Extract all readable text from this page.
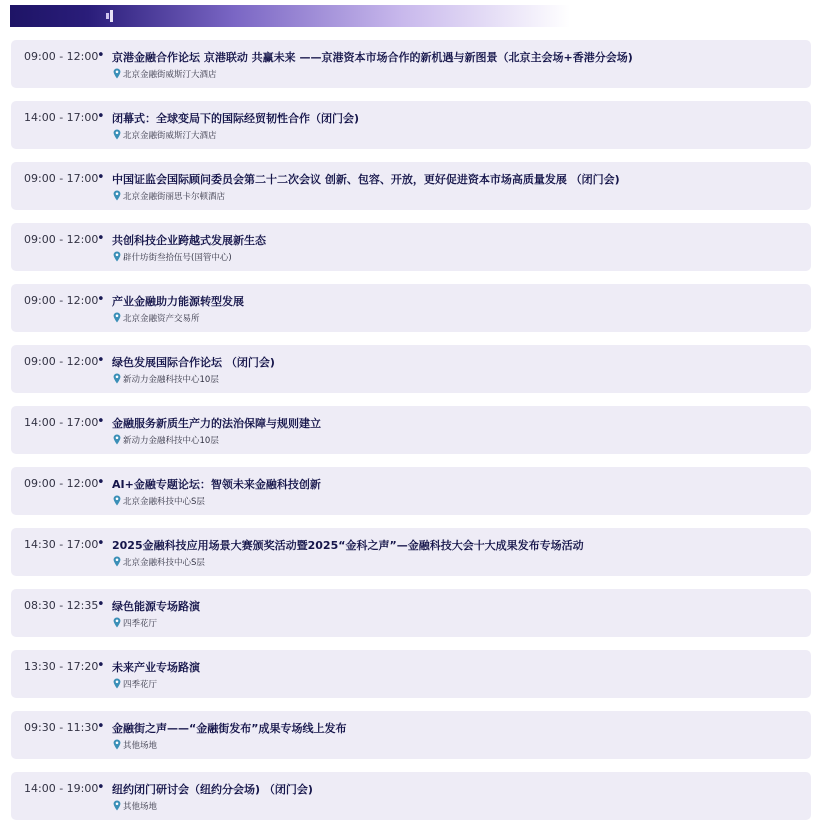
09:00 - 12:00
• 京港金融合作论坛 京港联动 共赢未来 ——京港资本市场合作的新机遇与新图景（北京主会场+香港分会场)
北京金融街威斯汀大酒店
14:00 - 17:00
• 闭幕式：全球变局下的国际经贸韧性合作（闭门会)
北京金融街威斯汀大酒店
09:00 - 17:00
• 中国证监会国际顾问委员会第二十二次会议 创新、包容、开放，更好促进资本市场高质量发展 （闭门会)
北京金融街丽思卡尔顿酒店
09:00 - 12:00
• 共创科技企业跨越式发展新生态
辟什坊街叁拾伍号(国管中心)
09:00 - 12:00
• 产业金融助力能源转型发展
北京金融资产交易所
09:00 - 12:00
• 绿色发展国际合作论坛 （闭门会)
新动力金融科技中心10层
14:00 - 17:00
• 金融服务新质生产力的法治保障与规则建立
新动力金融科技中心10层
09:00 - 12:00
• AI+金融专题论坛：智领未来金融科技创新
北京金融科技中心S层
14:30 - 17:00
• 2025金融科技应用场景大赛颁奖活动暨2025“金科之声”—金融科技大会十大成果发布专场活动
北京金融科技中心S层
08:30 - 12:35
• 绿色能源专场路演
四季花厅
13:30 - 17:20
• 未来产业专场路演
四季花厅
09:30 - 11:30
• 金融街之声——“金融街发布”成果专场线上发布
其他场地
14:00 - 19:00
• 纽约闭门研讨会（纽约分会场) （闭门会)
其他场地
